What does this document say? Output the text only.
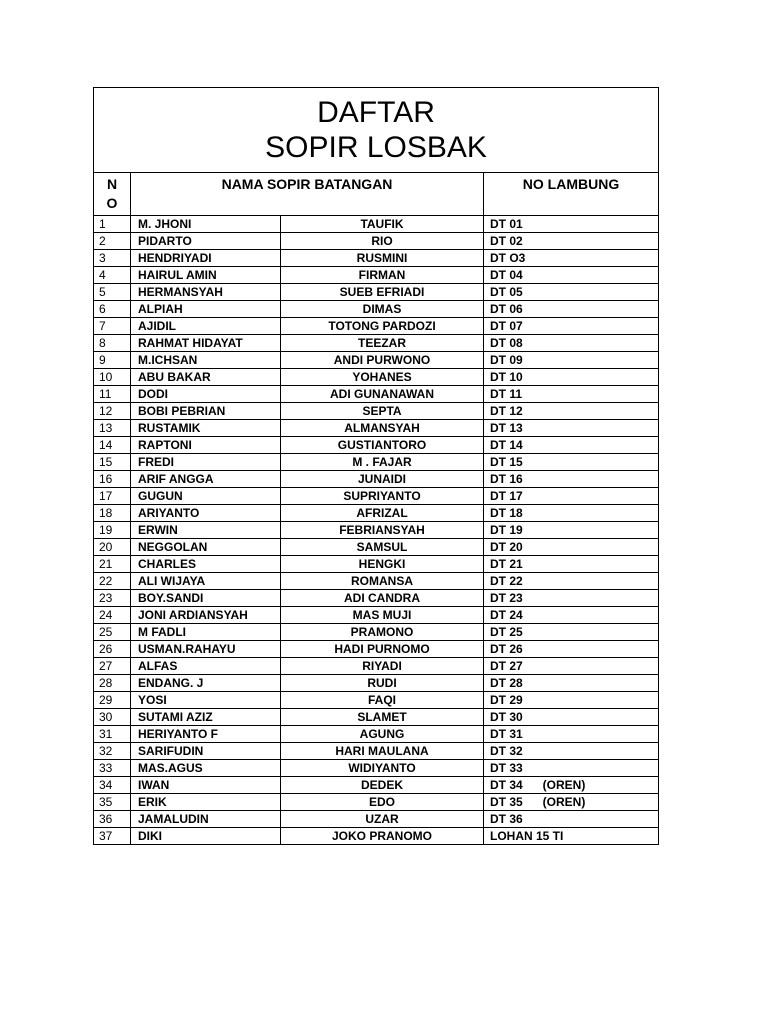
DAFTAR
SOPIR LOSBAK			

N
O	NAMA SOPIR BATANGAN		NO LAMBUNG
1	M. JHONI	TAUFIK	DT 01
2	PIDARTO	RIO	DT 02
3	HENDRIYADI	RUSMINI	DT O3
4	HAIRUL AMIN	FIRMAN	DT 04
5	HERMANSYAH	SUEB EFRIADI	DT 05
6	ALPIAH	DIMAS	DT 06
7	AJIDIL	TOTONG PARDOZI	DT 07
8	RAHMAT HIDAYAT	TEEZAR	DT 08
9	M.ICHSAN	ANDI PURWONO	DT 09
10	ABU BAKAR	YOHANES	DT 10
11	DODI	ADI GUNANAWAN	DT 11
12	BOBI PEBRIAN	SEPTA	DT 12
13	RUSTAMIK	ALMANSYAH	DT 13
14	RAPTONI	GUSTIANTORO	DT 14
15	FREDI	M . FAJAR	DT 15
16	ARIF ANGGA	JUNAIDI	DT 16
17	GUGUN	SUPRIYANTO	DT 17
18	ARIYANTO	AFRIZAL	DT 18
19	ERWIN	FEBRIANSYAH	DT 19
20	NEGGOLAN	SAMSUL	DT 20
21	CHARLES	HENGKI	DT 21
22	ALI WIJAYA	ROMANSA	DT 22
23	BOY.SANDI	ADI CANDRA	DT 23
24	JONI ARDIANSYAH	MAS MUJI	DT 24
25	M FADLI	PRAMONO	DT 25
26	USMAN.RAHAYU	HADI PURNOMO	DT 26
27	ALFAS	RIYADI	DT 27
28	ENDANG. J	RUDI	DT 28
29	YOSI	FAQI	DT 29
30	SUTAMI AZIZ	SLAMET	DT 30
31	HERIYANTO F	AGUNG	DT 31
32	SARIFUDIN	HARI MAULANA	DT 32
33	MAS.AGUS	WIDIYANTO	DT 33
34	IWAN	DEDEK	DT 34      (OREN)
35	ERIK	EDO	DT 35      (OREN)
36	JAMALUDIN	UZAR	DT 36
37	DIKI	JOKO PRANOMO	LOHAN 15 TI
